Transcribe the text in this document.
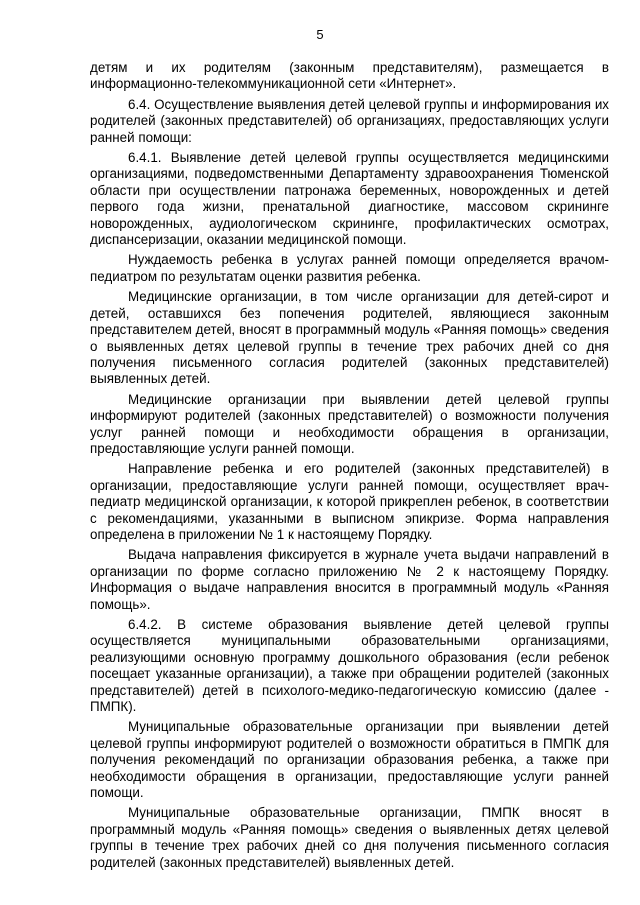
5

детям и их родителям (законным представителям), размещается в информационно-телекоммуникационной сети «Интернет».

6.4. Осуществление выявления детей целевой группы и информирования их родителей (законных представителей) об организациях, предоставляющих услуги ранней помощи:

6.4.1. Выявление детей целевой группы осуществляется медицинскими организациями, подведомственными Департаменту здравоохранения Тюменской области при осуществлении патронажа беременных, новорожденных и детей первого года жизни, пренатальной диагностике, массовом скрининге новорожденных, аудиологическом скрининге, профилактических осмотрах, диспансеризации, оказании медицинской помощи.

Нуждаемость ребенка в услугах ранней помощи определяется врачом-педиатром по результатам оценки развития ребенка.

Медицинские организации, в том числе организации для детей-сирот и детей, оставшихся без попечения родителей, являющиеся законным представителем детей, вносят в программный модуль «Ранняя помощь» сведения о выявленных детях целевой группы в течение трех рабочих дней со дня получения письменного согласия родителей (законных представителей) выявленных детей.

Медицинские организации при выявлении детей целевой группы информируют родителей (законных представителей) о возможности получения услуг ранней помощи и необходимости обращения в организации, предоставляющие услуги ранней помощи.

Направление ребенка и его родителей (законных представителей) в организации, предоставляющие услуги ранней помощи, осуществляет врач-педиатр медицинской организации, к которой прикреплен ребенок, в соответствии с рекомендациями, указанными в выписном эпикризе. Форма направления определена в приложении № 1 к настоящему Порядку.

Выдача направления фиксируется в журнале учета выдачи направлений в организации по форме согласно приложению № 2 к настоящему Порядку. Информация о выдаче направления вносится в программный модуль «Ранняя помощь».

6.4.2. В системе образования выявление детей целевой группы осуществляется муниципальными образовательными организациями, реализующими основную программу дошкольного образования (если ребенок посещает указанные организации), а также при обращении родителей (законных представителей) детей в психолого-медико-педагогическую комиссию (далее - ПМПК).

Муниципальные образовательные организации при выявлении детей целевой группы информируют родителей о возможности обратиться в ПМПК для получения рекомендаций по организации образования ребенка, а также при необходимости обращения в организации, предоставляющие услуги ранней помощи.

Муниципальные образовательные организации, ПМПК вносят в программный модуль «Ранняя помощь» сведения о выявленных детях целевой группы в течение трех рабочих дней со дня получения письменного согласия родителей (законных представителей) выявленных детей.
